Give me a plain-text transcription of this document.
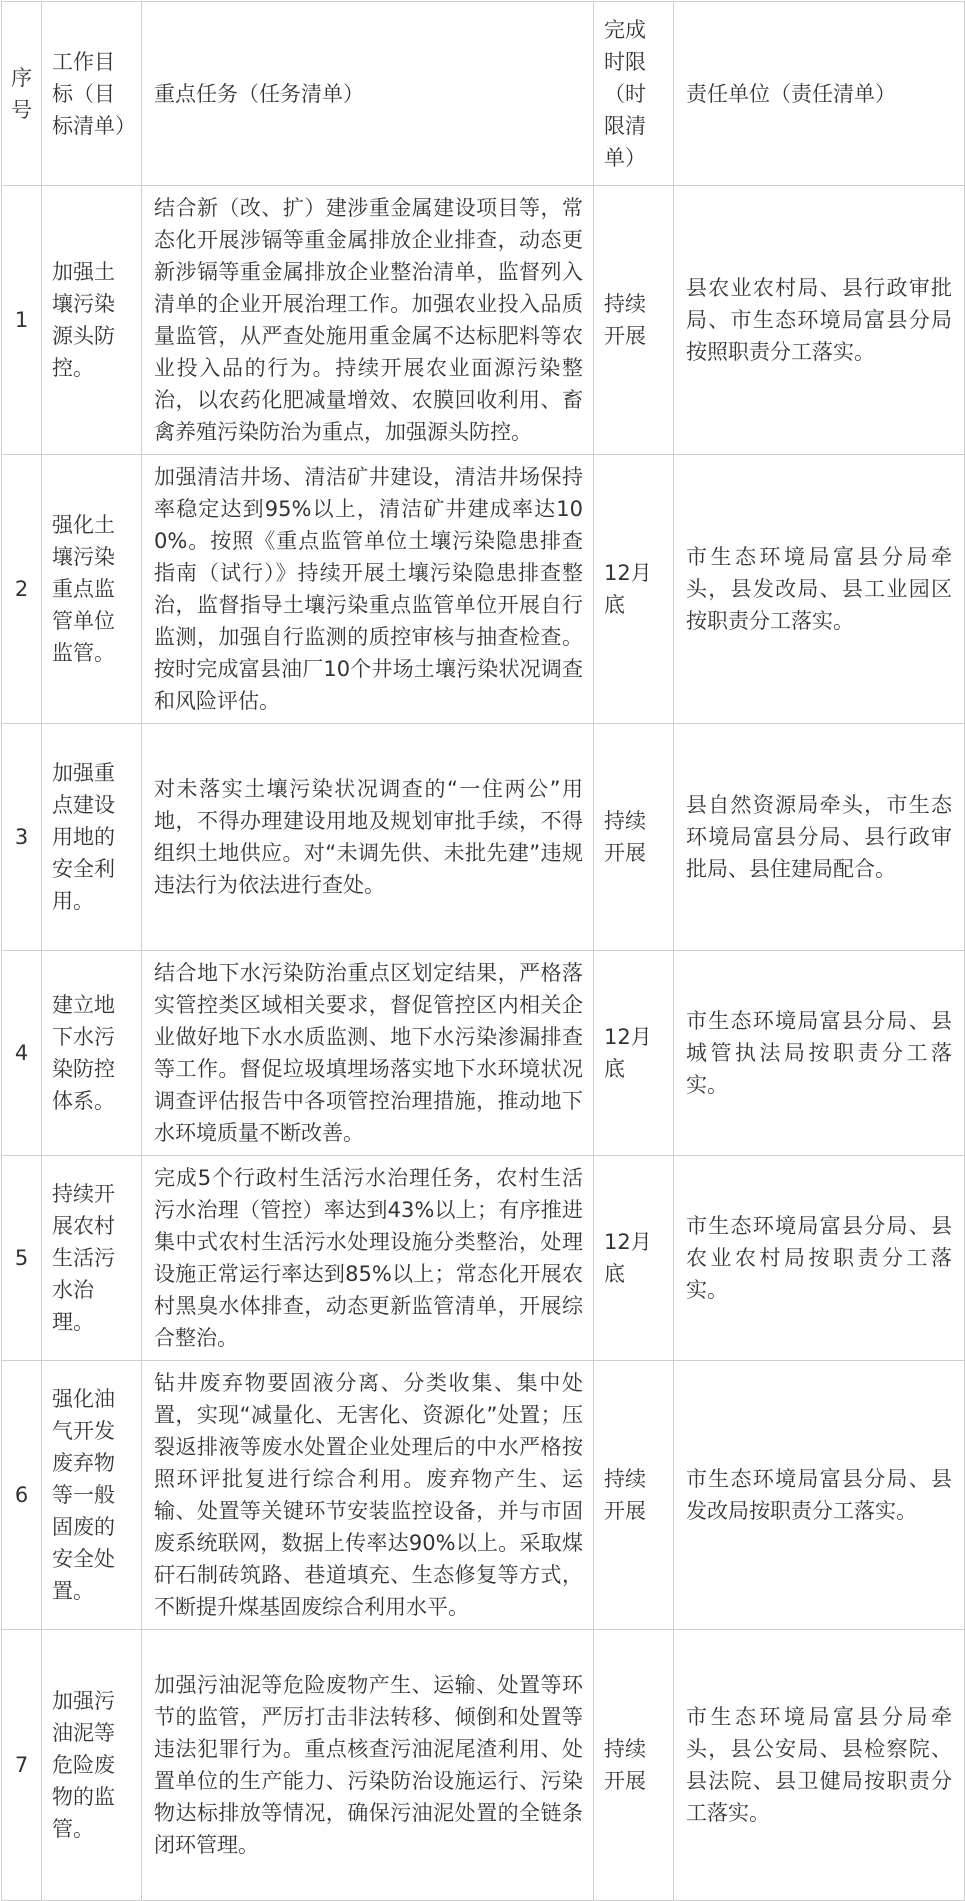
序号	工作目标（目标清单）	重点任务（任务清单）	完成时限（时限清单）	责任单位（责任清单）
1	加强土壤污染源头防控。	结合新（改、扩）建涉重金属建设项目等，常态化开展涉镉等重金属排放企业排查，动态更新涉镉等重金属排放企业整治清单，监督列入清单的企业开展治理工作。加强农业投入品质量监管，从严查处施用重金属不达标肥料等农业投入品的行为。持续开展农业面源污染整治，以农药化肥减量增效、农膜回收利用、畜禽养殖污染防治为重点，加强源头防控。	持续开展	县农业农村局、县行政审批局、市生态环境局富县分局按照职责分工落实。
2	强化土壤污染重点监管单位监管。	加强清洁井场、清洁矿井建设，清洁井场保持率稳定达到95%以上，清洁矿井建成率达100%。按照《重点监管单位土壤污染隐患排查指南（试行）》持续开展土壤污染隐患排查整治，监督指导土壤污染重点监管单位开展自行监测，加强自行监测的质控审核与抽查检查。按时完成富县油厂10个井场土壤污染状况调查和风险评估。	12月底	市生态环境局富县分局牵头，县发改局、县工业园区按职责分工落实。
3	加强重点建设用地的安全利用。	对未落实土壤污染状况调查的“一住两公”用地，不得办理建设用地及规划审批手续，不得组织土地供应。对“未调先供、未批先建”违规违法行为依法进行查处。	持续开展	县自然资源局牵头，市生态环境局富县分局、县行政审批局、县住建局配合。
4	建立地下水污染防控体系。	结合地下水污染防治重点区划定结果，严格落实管控类区域相关要求，督促管控区内相关企业做好地下水水质监测、地下水污染渗漏排查等工作。督促垃圾填埋场落实地下水环境状况调查评估报告中各项管控治理措施，推动地下水环境质量不断改善。	12月底	市生态环境局富县分局、县城管执法局按职责分工落实。
5	持续开展农村生活污水治理。	完成5个行政村生活污水治理任务，农村生活污水治理（管控）率达到43%以上；有序推进集中式农村生活污水处理设施分类整治，处理设施正常运行率达到85%以上；常态化开展农村黑臭水体排查，动态更新监管清单，开展综合整治。	12月底	市生态环境局富县分局、县农业农村局按职责分工落实。
6	强化油气开发废弃物等一般固废的安全处置。	钻井废弃物要固液分离、分类收集、集中处置，实现“减量化、无害化、资源化”处置；压裂返排液等废水处置企业处理后的中水严格按照环评批复进行综合利用。废弃物产生、运输、处置等关键环节安装监控设备，并与市固废系统联网，数据上传率达90%以上。采取煤矸石制砖筑路、巷道填充、生态修复等方式，不断提升煤基固废综合利用水平。	持续开展	市生态环境局富县分局、县发改局按职责分工落实。
7	加强污油泥等危险废物的监管。	加强污油泥等危险废物产生、运输、处置等环节的监管，严厉打击非法转移、倾倒和处置等违法犯罪行为。重点核查污油泥尾渣利用、处置单位的生产能力、污染防治设施运行、污染物达标排放等情况，确保污油泥处置的全链条闭环管理。	持续开展	市生态环境局富县分局牵头，县公安局、县检察院、县法院、县卫健局按职责分工落实。
